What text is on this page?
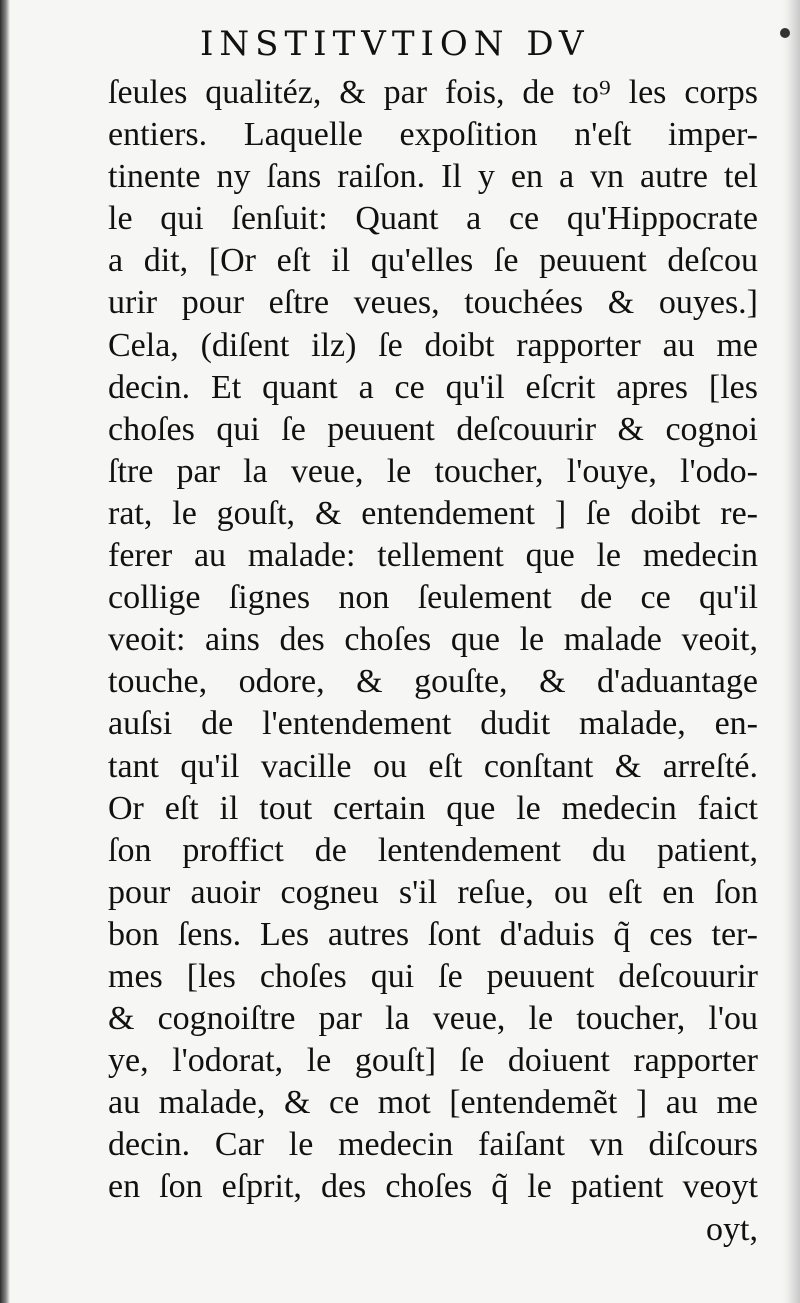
INSTITVTION DV
ſeules qualitéz, & par fois, de to⁹ les corps
entiers. Laquelle expoſition n'eſt imper-
tinente ny ſans raiſon. Il y en a vn autre tel
le qui ſenſuit: Quant a ce qu'Hippocrate
a dit, [Or eſt il qu'elles ſe peuuent deſcou
urir pour eſtre veues, touchées & ouyes.]
Cela, (diſent ilz) ſe doibt rapporter au me
decin. Et quant a ce qu'il eſcrit apres [les
choſes qui ſe peuuent deſcouurir & cognoi
ſtre par la veue, le toucher, l'ouye, l'odo-
rat, le gouſt, & entendement ] ſe doibt re-
ferer au malade: tellement que le medecin
collige ſignes non ſeulement de ce qu'il
veoit: ains des choſes que le malade veoit,
touche, odore, & gouſte, & d'aduantage
auſsi de l'entendement dudit malade, en-
tant qu'il vacille ou eſt conſtant & arreſté.
Or eſt il tout certain que le medecin faict
ſon proffict de lentendement du patient,
pour auoir cogneu s'il reſue, ou eſt en ſon
bon ſens. Les autres ſont d'aduis q̃ ces ter-
mes [les choſes qui ſe peuuent deſcouurir
& cognoiſtre par la veue, le toucher, l'ou
ye, l'odorat, le gouſt] ſe doiuent rapporter
au malade, & ce mot [entendemẽt ] au me
decin. Car le medecin faiſant vn diſcours
en ſon eſprit, des choſes q̃ le patient veoyt
oyt,
